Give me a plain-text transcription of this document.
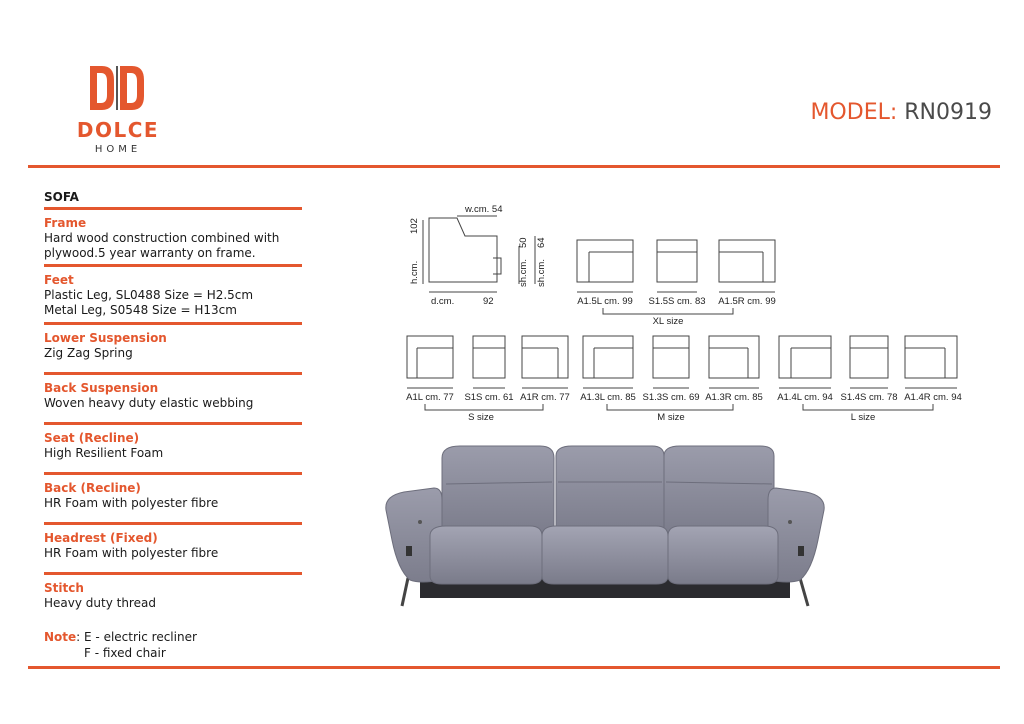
DOLCE
HOME
MODEL: RN0919
SOFA
Frame
Hard wood construction combined with
plywood.5 year warranty on frame.
Feet
Plastic Leg, SL0488 Size = H2.5cm
Metal Leg, S0548 Size = H13cm
Lower Suspension
Zig Zag Spring
Back Suspension
Woven heavy duty elastic webbing
Seat (Recline)
High Resilient Foam
Back (Recline)
HR Foam with polyester fibre
Headrest (Fixed)
HR Foam with polyester fibre
Stitch
Heavy duty thread
Note: E - electric recliner
F - fixed chair
w.cm. 54
102
h.cm.
50
sh.cm.
64
sh.cm.
d.cm.	92	A1.5L cm. 99 S1.5S cm. 83 A1.5R cm. 99
XL size
A1L cm. 77 S1S cm. 61 A1R cm. 77
S size
A1.3L cm. 85 S1.3S cm. 69 A1.3R cm. 85
M size
A1.4L cm. 94 S1.4S cm. 78 A1.4R cm. 94
L size
